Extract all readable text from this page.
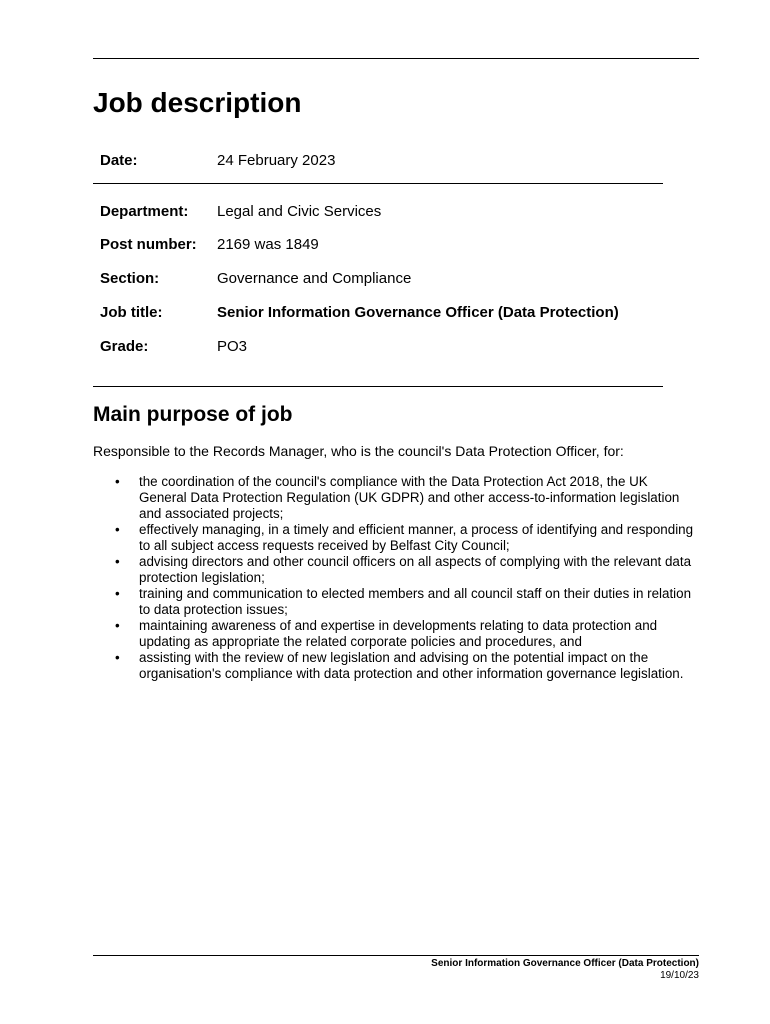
Job description
Date:	24 February 2023
Department: Legal and Civic Services
Post number: 2169 was 1849
Section:	Governance and Compliance
Job title:	Senior Information Governance Officer (Data Protection)
Grade:	PO3
Main purpose of job
Responsible to the Records Manager, who is the council's Data Protection Officer, for:
• the coordination of the council's compliance with the Data Protection Act 2018, the UK General Data Protection Regulation (UK GDPR) and other access-to-information legislation and associated projects;
• effectively managing, in a timely and efficient manner, a process of identifying and responding to all subject access requests received by Belfast City Council;
• advising directors and other council officers on all aspects of complying with the relevant data protection legislation;
• training and communication to elected members and all council staff on their duties in relation to data protection issues;
• maintaining awareness of and expertise in developments relating to data protection and updating as appropriate the related corporate policies and procedures, and
• assisting with the review of new legislation and advising on the potential impact on the organisation's compliance with data protection and other information governance legislation.
Senior Information Governance Officer (Data Protection)
19/10/23
